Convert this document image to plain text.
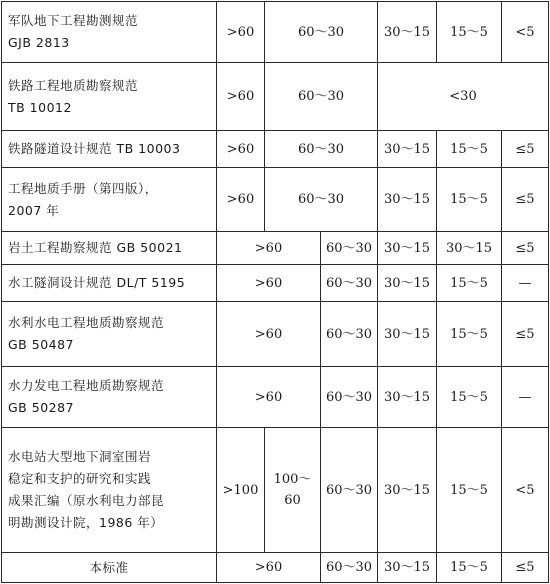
军队地下工程勘测规范
GJB 2813	>60	60～30		30～15	15～5	<5

铁路工程地质勘察规范
TB 10012	>60	60～30		<30		

铁路隧道设计规范 TB 10003	>60	60～30		30～15	15～5	≤5

工程地质手册（第四版），
2007 年	>60	60～30		30～15	15～5	≤5

岩土工程勘察规范 GB 50021	>60		60～30	30～15	30～15	≤5

水工隧洞设计规范 DL/T 5195	>60		60～30	30～15	15～5	—

水利水电工程地质勘察规范
GB 50487	>60		60～30	30～15	15～5	≤5

水力发电工程地质勘察规范
GB 50287	>60		60～30	30～15	15～5	—

水电站大型地下洞室围岩
稳定和支护的研究和实践
成果汇编（原水利电力部昆
明勘测设计院，1986 年）	>100	100～60	60～30	30～15	15～5	<5

本标准	>60		60～30	30～15	15～5	≤5
